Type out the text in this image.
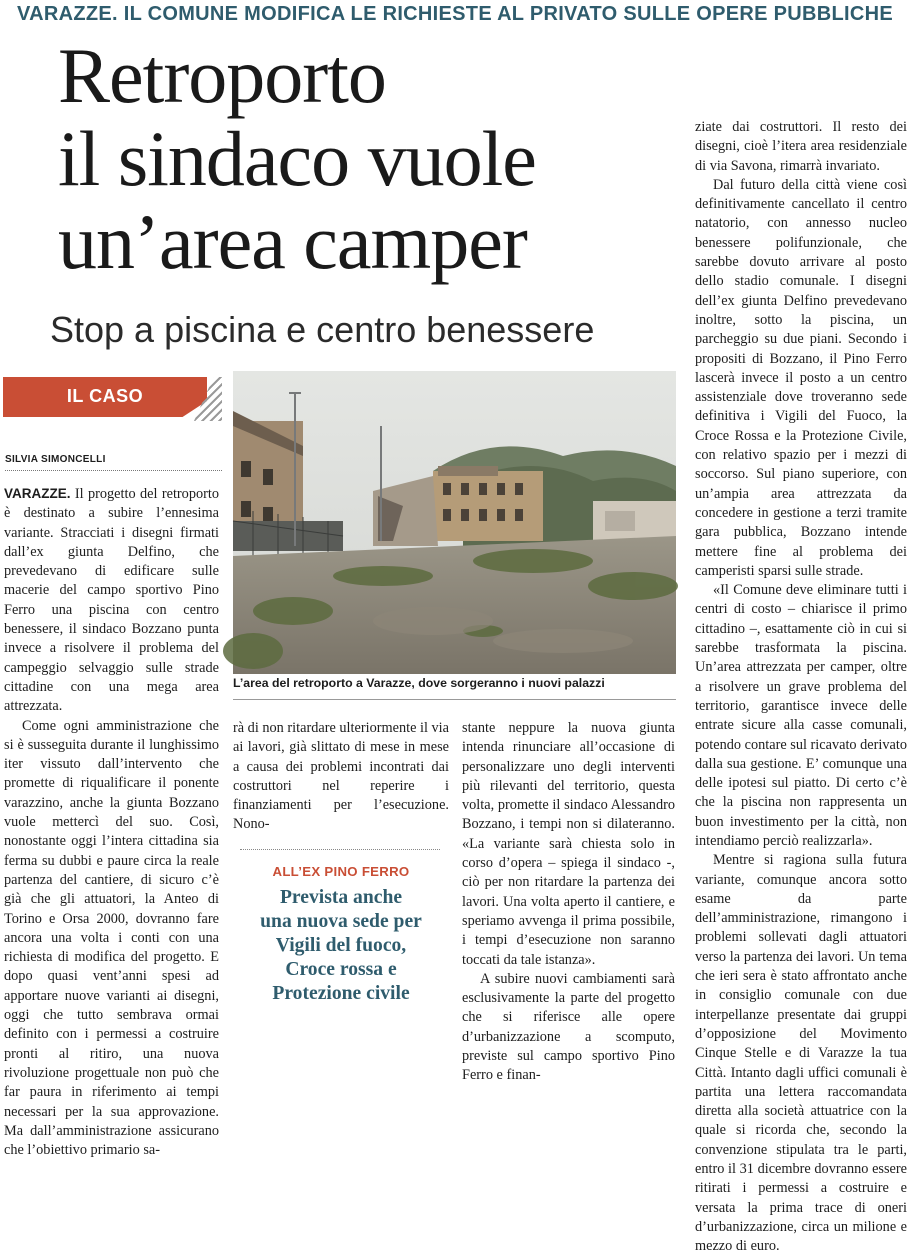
VARAZZE. IL COMUNE MODIFICA LE RICHIESTE AL PRIVATO SULLE OPERE PUBBLICHE
Retroporto
il sindaco vuole
un’area camper
Stop a piscina e centro benessere
IL CASO
SILVIA SIMONCELLI

VARAZZE. Il progetto del retroporto è destinato a subire l’ennesima variante. Stracciati i disegni firmati dall’ex giunta Delfino, che prevedevano di edificare sulle macerie del campo sportivo Pino Ferro una piscina con centro benessere, il sindaco Bozzano punta invece a risolvere il problema del campeggio selvaggio sulle strade cittadine con una mega area attrezzata.

Come ogni amministrazione che si è susseguita durante il lunghissimo iter vissuto dall’intervento che promette di riqualificare il ponente varazzino, anche la giunta Bozzano vuole mettercì del suo. Così, nonostante oggi l’intera cittadina sia ferma su dubbi e paure circa la reale partenza del cantiere, di sicuro c’è già che gli attuatori, la Anteo di Torino e Orsa 2000, dovranno fare ancora una volta i conti con una richiesta di modifica del progetto. E dopo quasi vent’anni spesi ad apportare nuove varianti ai disegni, oggi che tutto sembrava ormai definito con i permessi a costruire pronti al ritiro, una nuova rivoluzione progettuale non può che far paura in riferimento ai tempi necessari per la sua approvazione. Ma dall’amministrazione assicurano che l’obiettivo primario sa-

L’area del retroporto a Varazze, dove sorgeranno i nuovi palazzi

rà di non ritardare ulteriormente il via ai lavori, già slittato di mese in mese a causa dei problemi incontrati dai costruttori nel reperire i finanziamenti per l’esecuzione. Nono-

ALL’EX PINO FERRO
Prevista anche
una nuova sede per
Vigili del fuoco,
Croce rossa e
Protezione civile

stante neppure la nuova giunta intenda rinunciare all’occasione di personalizzare uno degli interventi più rilevanti del territorio, questa volta, promette il sindaco Alessandro Bozzano, i tempi non si dilateranno. «La variante sarà chiesta solo in corso d’opera – spiega il sindaco -, ciò per non ritardare la partenza dei lavori. Una volta aperto il cantiere, e speriamo avvenga il prima possibile, i tempi d’esecuzione non saranno toccati da tale istanza».

A subire nuovi cambiamenti sarà esclusivamente la parte del progetto che si riferisce alle opere d’urbanizzazione a scomputo, previste sul campo sportivo Pino Ferro e finan-

ziate dai costruttori. Il resto dei disegni, cioè l’itera area residenziale di via Savona, rimarrà invariato.

Dal futuro della città viene così definitivamente cancellato il centro natatorio, con annesso nucleo benessere polifunzionale, che sarebbe dovuto arrivare al posto dello stadio comunale. I disegni dell’ex giunta Delfino prevedevano inoltre, sotto la piscina, un parcheggio su due piani. Secondo i propositi di Bozzano, il Pino Ferro lascerà invece il posto a un centro assistenziale dove troveranno sede definitiva i Vigili del Fuoco, la Croce Rossa e la Protezione Civile, con relativo spazio per i mezzi di soccorso. Sul piano superiore, con un’ampia area attrezzata da concedere in gestione a terzi tramite gara pubblica, Bozzano intende mettere fine al problema dei camperisti sparsi sulle strade.

«Il Comune deve eliminare tutti i centri di costo – chiarisce il primo cittadino –, esattamente ciò in cui si sarebbe trasformata la piscina. Un’area attrezzata per camper, oltre a risolvere un grave problema del territorio, garantisce invece delle entrate sicure alla casse comunali, potendo contare sul ricavato derivato dalla sua gestione. E’ comunque una delle ipotesi sul piatto. Di certo c’è che la piscina non rappresenta un buon investimento per la città, non intendiamo perciò realizzarla».

Mentre si ragiona sulla futura variante, comunque ancora sotto esame da parte dell’amministrazione, rimangono i problemi sollevati dagli attuatori verso la partenza dei lavori. Un tema che ieri sera è stato affrontato anche in consiglio comunale con due interpellanze presentate dai gruppi d’opposizione del Movimento Cinque Stelle e di Varazze la tua Città. Intanto dagli uffici comunali è partita una lettera raccomandata diretta alla società attuatrice con la quale si ricorda che, secondo la convenzione stipulata tra le parti, entro il 31 dicembre dovranno essere ritirati i permessi a costruire e versata la prima trace di oneri d’urbanizzazione, circa un milione e mezzo di euro.
